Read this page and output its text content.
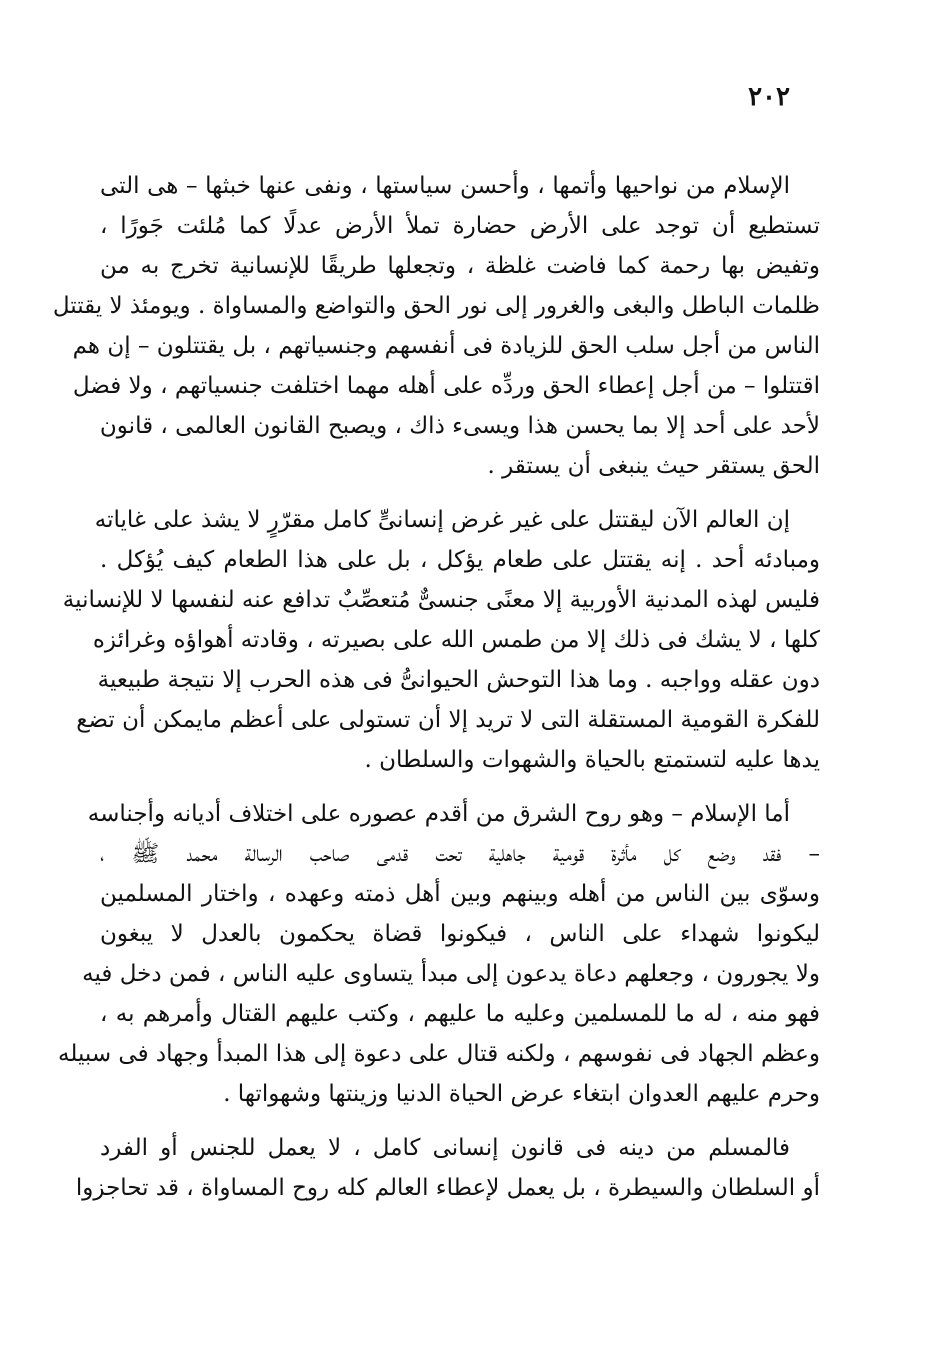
٢٠٢
الإسلام من نواحيها وأتمها ، وأحسن سياستها ، ونفى عنها خبثها – هى التى
تستطيع أن توجد على الأرض حضارة تملأ الأرض عدلًا كما مُلئت جَورًا ،
وتفيض بها رحمة كما فاضت غلظة ، وتجعلها طريقًا للإنسانية تخرج به من
ظلمات الباطل والبغى والغرور إلى نور الحق والتواضع والمساواة . ويومئذ لا يقتتل
الناس من أجل سلب الحق للزيادة فى أنفسهم وجنسياتهم ، بل يقتتلون – إن هم
اقتتلوا – من أجل إعطاء الحق وردِّه على أهله مهما اختلفت جنسياتهم ، ولا فضل
لأحد على أحد إلا بما يحسن هذا ويسىء ذاك ، ويصبح القانون العالمى ، قانون
الحق يستقر حيث ينبغى أن يستقر .
إن العالم الآن ليقتتل على غير غرض إنسانىٍّ كامل مقرّرٍ لا يشذ على غاياته
ومبادئه أحد . إنه يقتتل على طعام يؤكل ، بل على هذا الطعام كيف يُؤكل .
فليس لهذه المدنية الأوربية إلا معنًى جنسىٌّ مُتعصِّبٌ تدافع عنه لنفسها لا للإنسانية
كلها ، لا يشك فى ذلك إلا من طمس الله على بصيرته ، وقادته أهواؤه وغرائزه
دون عقله وواجبه . وما هذا التوحش الحيوانىُّ فى هذه الحرب إلا نتيجة طبيعية
للفكرة القومية المستقلة التى لا تريد إلا أن تستولى على أعظم مايمكن أن تضع
يدها عليه لتستمتع بالحياة والشهوات والسلطان .
أما الإسلام – وهو روح الشرق من أقدم عصوره على اختلاف أديانه وأجناسه
– فقد وضع كل مأثرة قومية جاهلية تحت قدمى صاحب الرسالة محمد ﷺ ،
وسوّى بين الناس من أهله وبينهم وبين أهل ذمته وعهده ، واختار المسلمين
ليكونوا شهداء على الناس ، فيكونوا قضاة يحكمون بالعدل لا يبغون
ولا يجورون ، وجعلهم دعاة يدعون إلى مبدأ يتساوى عليه الناس ، فمن دخل فيه
فهو منه ، له ما للمسلمين وعليه ما عليهم ، وكتب عليهم القتال وأمرهم به ،
وعظم الجهاد فى نفوسهم ، ولكنه قتال على دعوة إلى هذا المبدأ وجهاد فى سبيله
وحرم عليهم العدوان ابتغاء عرض الحياة الدنيا وزينتها وشهواتها .
فالمسلم من دينه فى قانون إنسانى كامل ، لا يعمل للجنس أو الفرد
أو السلطان والسيطرة ، بل يعمل لإعطاء العالم كله روح المساواة ، قد تحاجزوا
